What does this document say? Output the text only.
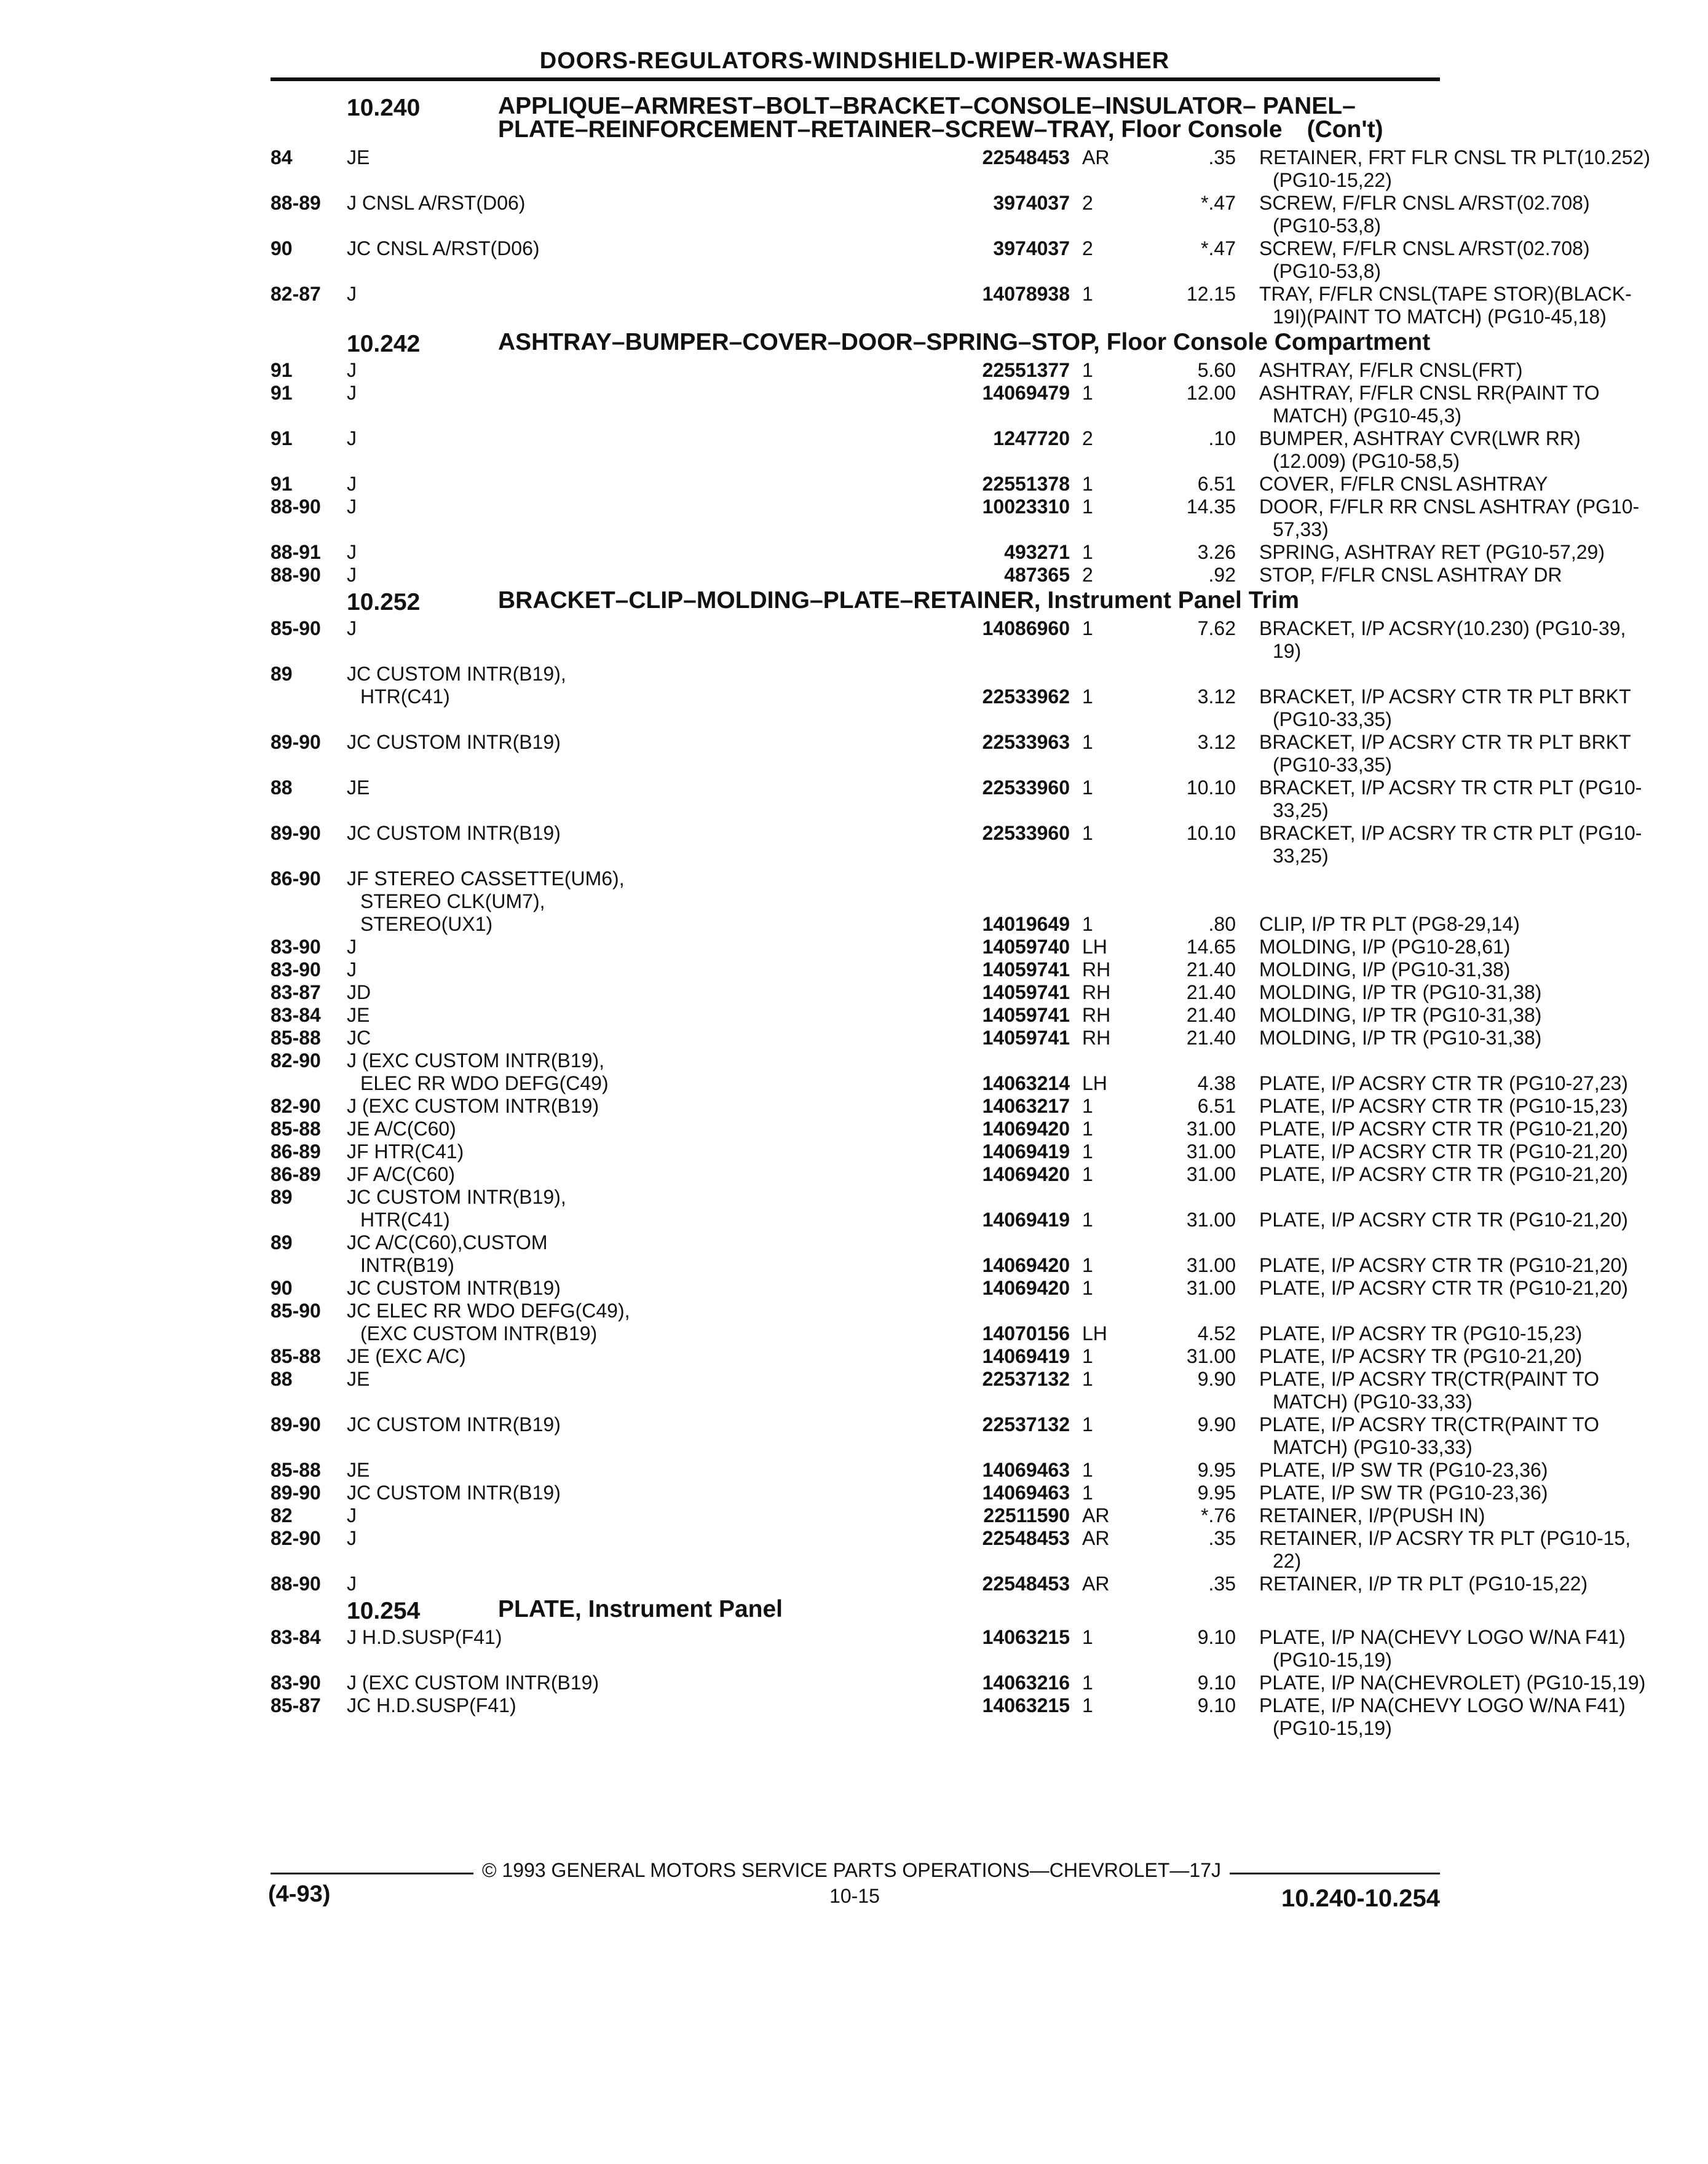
DOORS-REGULATORS-WINDSHIELD-WIPER-WASHER
10.240	APPLIQUE–ARMREST–BOLT–BRACKET–CONSOLE–INSULATOR– PANEL–PLATE–REINFORCEMENT–RETAINER–SCREW–TRAY, Floor Console (Con't)
84	JE	22548453 AR	.35 RETAINER, FRT FLR CNSL TR PLT(10.252)
(PG10-15,22)
88-89	J CNSL A/RST(D06)	3974037 2	*.47 SCREW, F/FLR CNSL A/RST(02.708)
(PG10-53,8)
90	JC CNSL A/RST(D06)	3974037 2	*.47 SCREW, F/FLR CNSL A/RST(02.708)
(PG10-53,8)
82-87	J	14078938 1	12.15 TRAY, F/FLR CNSL(TAPE STOR)(BLACK-
19I)(PAINT TO MATCH) (PG10-45,18)
10.242	ASHTRAY–BUMPER–COVER–DOOR–SPRING–STOP, Floor Console Compartment
91	J	22551377 1	5.60 ASHTRAY, F/FLR CNSL(FRT)
91	J	14069479 1	12.00 ASHTRAY, F/FLR CNSL RR(PAINT TO
MATCH) (PG10-45,3)
91	J	1247720 2	.10 BUMPER, ASHTRAY CVR(LWR RR)
(12.009) (PG10-58,5)
91	J	22551378 1	6.51 COVER, F/FLR CNSL ASHTRAY
88-90	J	10023310 1	14.35 DOOR, F/FLR RR CNSL ASHTRAY (PG10-
57,33)
88-91	J	493271 1	3.26 SPRING, ASHTRAY RET (PG10-57,29)
88-90	J	487365 2	.92 STOP, F/FLR CNSL ASHTRAY DR
10.252	BRACKET–CLIP–MOLDING–PLATE–RETAINER, Instrument Panel Trim
85-90	J	14086960 1	7.62 BRACKET, I/P ACSRY(10.230) (PG10-39,
19)
89	JC CUSTOM INTR(B19),
HTR(C41)	22533962 1	3.12 BRACKET, I/P ACSRY CTR TR PLT BRKT
(PG10-33,35)
89-90	JC CUSTOM INTR(B19)	22533963 1	3.12 BRACKET, I/P ACSRY CTR TR PLT BRKT
(PG10-33,35)
88	JE	22533960 1	10.10 BRACKET, I/P ACSRY TR CTR PLT (PG10-
33,25)
89-90	JC CUSTOM INTR(B19)	22533960 1	10.10 BRACKET, I/P ACSRY TR CTR PLT (PG10-
33,25)
86-90	JF STEREO CASSETTE(UM6),
STEREO CLK(UM7),
STEREO(UX1)	14019649 1	.80 CLIP, I/P TR PLT (PG8-29,14)
83-90	J	14059740 LH	14.65 MOLDING, I/P (PG10-28,61)
83-90	J	14059741 RH	21.40 MOLDING, I/P (PG10-31,38)
83-87	JD	14059741 RH	21.40 MOLDING, I/P TR (PG10-31,38)
83-84	JE	14059741 RH	21.40 MOLDING, I/P TR (PG10-31,38)
85-88	JC	14059741 RH	21.40 MOLDING, I/P TR (PG10-31,38)
82-90	J (EXC CUSTOM INTR(B19),
ELEC RR WDO DEFG(C49)	14063214 LH	4.38 PLATE, I/P ACSRY CTR TR (PG10-27,23)
82-90	J (EXC CUSTOM INTR(B19)	14063217 1	6.51 PLATE, I/P ACSRY CTR TR (PG10-15,23)
85-88	JE A/C(C60)	14069420 1	31.00 PLATE, I/P ACSRY CTR TR (PG10-21,20)
86-89	JF HTR(C41)	14069419 1	31.00 PLATE, I/P ACSRY CTR TR (PG10-21,20)
86-89	JF A/C(C60)	14069420 1	31.00 PLATE, I/P ACSRY CTR TR (PG10-21,20)
89	JC CUSTOM INTR(B19),
HTR(C41)	14069419 1	31.00 PLATE, I/P ACSRY CTR TR (PG10-21,20)
89	JC A/C(C60),CUSTOM
INTR(B19)	14069420 1	31.00 PLATE, I/P ACSRY CTR TR (PG10-21,20)
90	JC CUSTOM INTR(B19)	14069420 1	31.00 PLATE, I/P ACSRY CTR TR (PG10-21,20)
85-90	JC ELEC RR WDO DEFG(C49),
(EXC CUSTOM INTR(B19)	14070156 LH	4.52 PLATE, I/P ACSRY TR (PG10-15,23)
85-88	JE (EXC A/C)	14069419 1	31.00 PLATE, I/P ACSRY TR (PG10-21,20)
88	JE	22537132 1	9.90 PLATE, I/P ACSRY TR(CTR(PAINT TO
MATCH) (PG10-33,33)
89-90	JC CUSTOM INTR(B19)	22537132 1	9.90 PLATE, I/P ACSRY TR(CTR(PAINT TO
MATCH) (PG10-33,33)
85-88	JE	14069463 1	9.95 PLATE, I/P SW TR (PG10-23,36)
89-90	JC CUSTOM INTR(B19)	14069463 1	9.95 PLATE, I/P SW TR (PG10-23,36)
82	J	22511590 AR	*.76 RETAINER, I/P(PUSH IN)
82-90	J	22548453 AR	.35 RETAINER, I/P ACSRY TR PLT (PG10-15,
22)
88-90	J	22548453 AR	.35 RETAINER, I/P TR PLT (PG10-15,22)
10.254	PLATE, Instrument Panel
83-84	J H.D.SUSP(F41)	14063215 1	9.10 PLATE, I/P NA(CHEVY LOGO W/NA F41)
(PG10-15,19)
83-90	J (EXC CUSTOM INTR(B19)	14063216 1	9.10 PLATE, I/P NA(CHEVROLET) (PG10-15,19)
85-87	JC H.D.SUSP(F41)	14063215 1	9.10 PLATE, I/P NA(CHEVY LOGO W/NA F41)
(PG10-15,19)
© 1993 GENERAL MOTORS SERVICE PARTS OPERATIONS—CHEVROLET—17J
(4-93)	10-15	10.240-10.254
